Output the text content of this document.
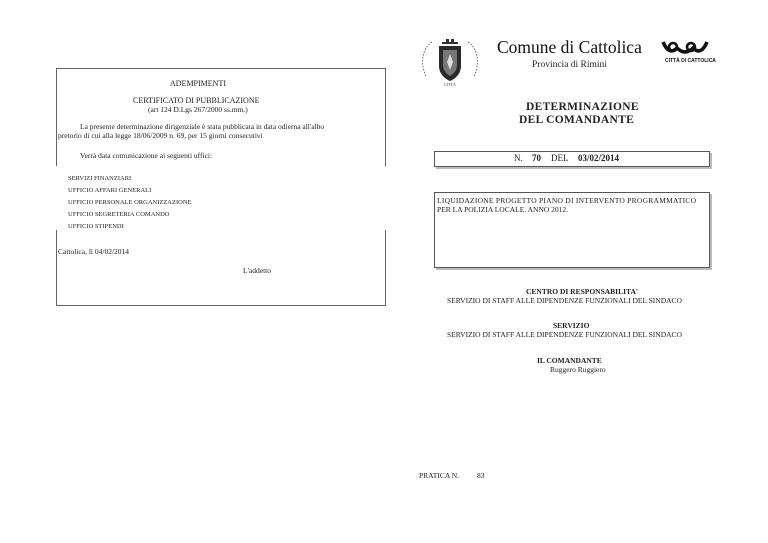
CITTÀ
Comune di Cattolica
Provincia di Rimini	CITTÀ DI CATTOLICA
ADEMPIMENTI
CERTIFICATO DI PUBBLICAZIONE
(art 124 D.Lgs 267/2000 ss.mm.)
La presente determinazione dirigenziale è stata pubblicata in data odierna all'albo
pretorio di cui alla legge 18/06/2009 n. 69, per 15 giorni consecutivi
Verrà data comunicazione ai seguenti uffici:
SERVIZI FINANZIARI
UFFICIO AFFARI GENERALI
UFFICIO PERSONALE ORGANIZZAZIONE
UFFICIO SEGRETERIA COMANDO
UFFICIO STIPENDI
Cattolica, lì 04/02/2014
L'addetto
DETERMINAZIONE
DEL COMANDANTE
N. 70 DEL 03/02/2014
LIQUIDAZIONE PROGETTO PIANO DI INTERVENTO PROGRAMMATICO
PER LA POLIZIA LOCALE. ANNO 2012.
CENTRO DI RESPONSABILITA'
SERVIZIO DI STAFF ALLE DIPENDENZE FUNZIONALI DEL SINDACO
SERVIZIO
SERVIZIO DI STAFF ALLE DIPENDENZE FUNZIONALI DEL SINDACO
IL COMANDANTE
Ruggero Ruggiero
PRATICA N. 83
